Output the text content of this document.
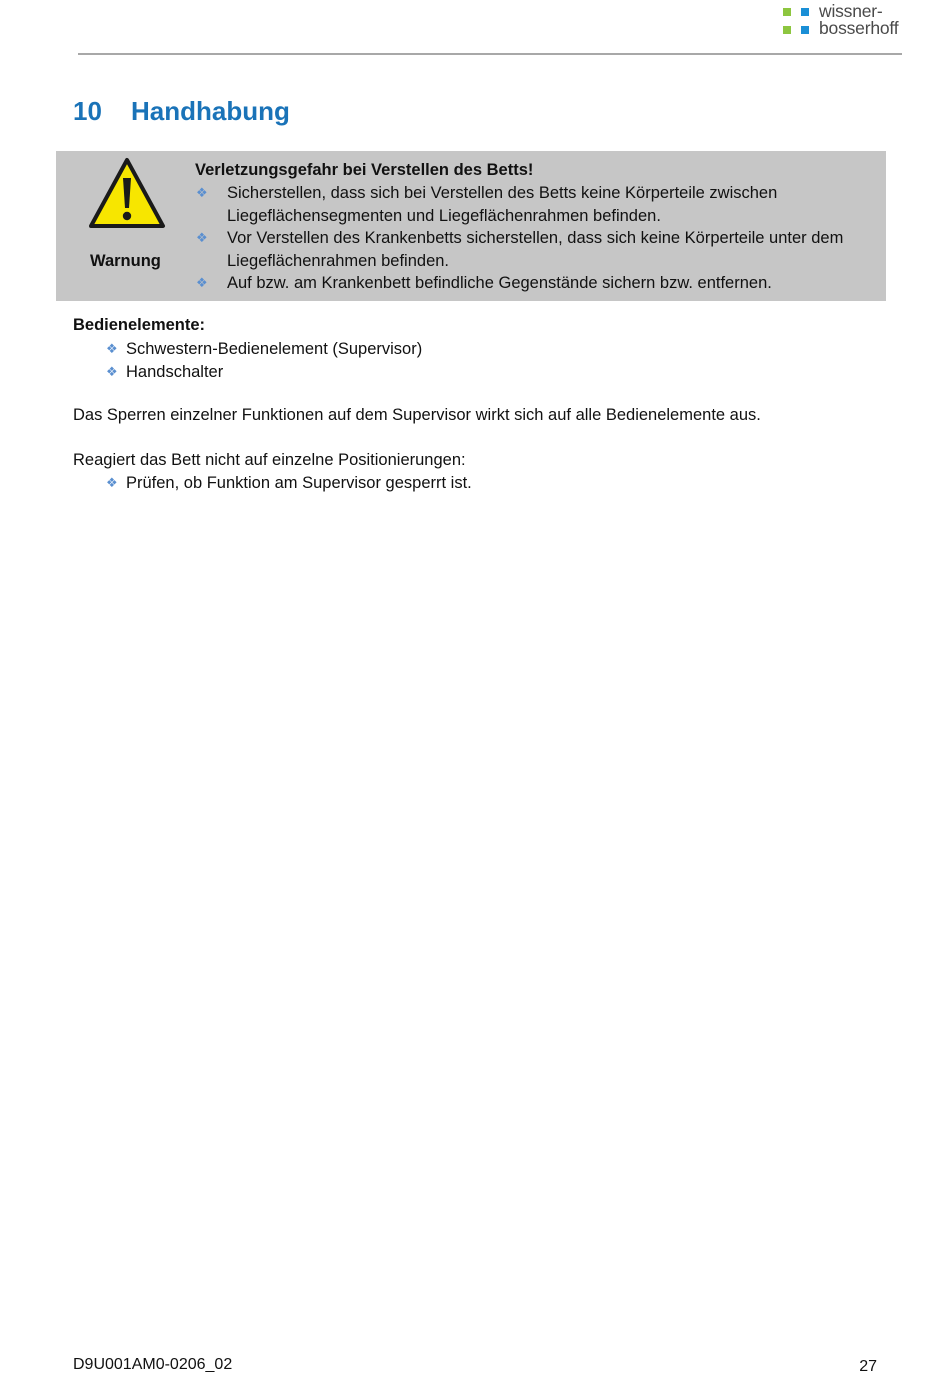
wissner-
bosserhoff
10 Handhabung
Warnung
Verletzungsgefahr bei Verstellen des Betts!
❖ Sicherstellen, dass sich bei Verstellen des Betts keine Körperteile zwischen
Liegeflächensegmenten und Liegeflächenrahmen befinden.
❖ Vor Verstellen des Krankenbetts sicherstellen, dass sich keine Körperteile unter dem
Liegeflächenrahmen befinden.
❖ Auf bzw. am Krankenbett befindliche Gegenstände sichern bzw. entfernen.
Bedienelemente:
❖ Schwestern-Bedienelement (Supervisor)
❖ Handschalter
Das Sperren einzelner Funktionen auf dem Supervisor wirkt sich auf alle Bedienelemente aus.
Reagiert das Bett nicht auf einzelne Positionierungen:
❖ Prüfen, ob Funktion am Supervisor gesperrt ist.
D9U001AM0-0206_02	27
